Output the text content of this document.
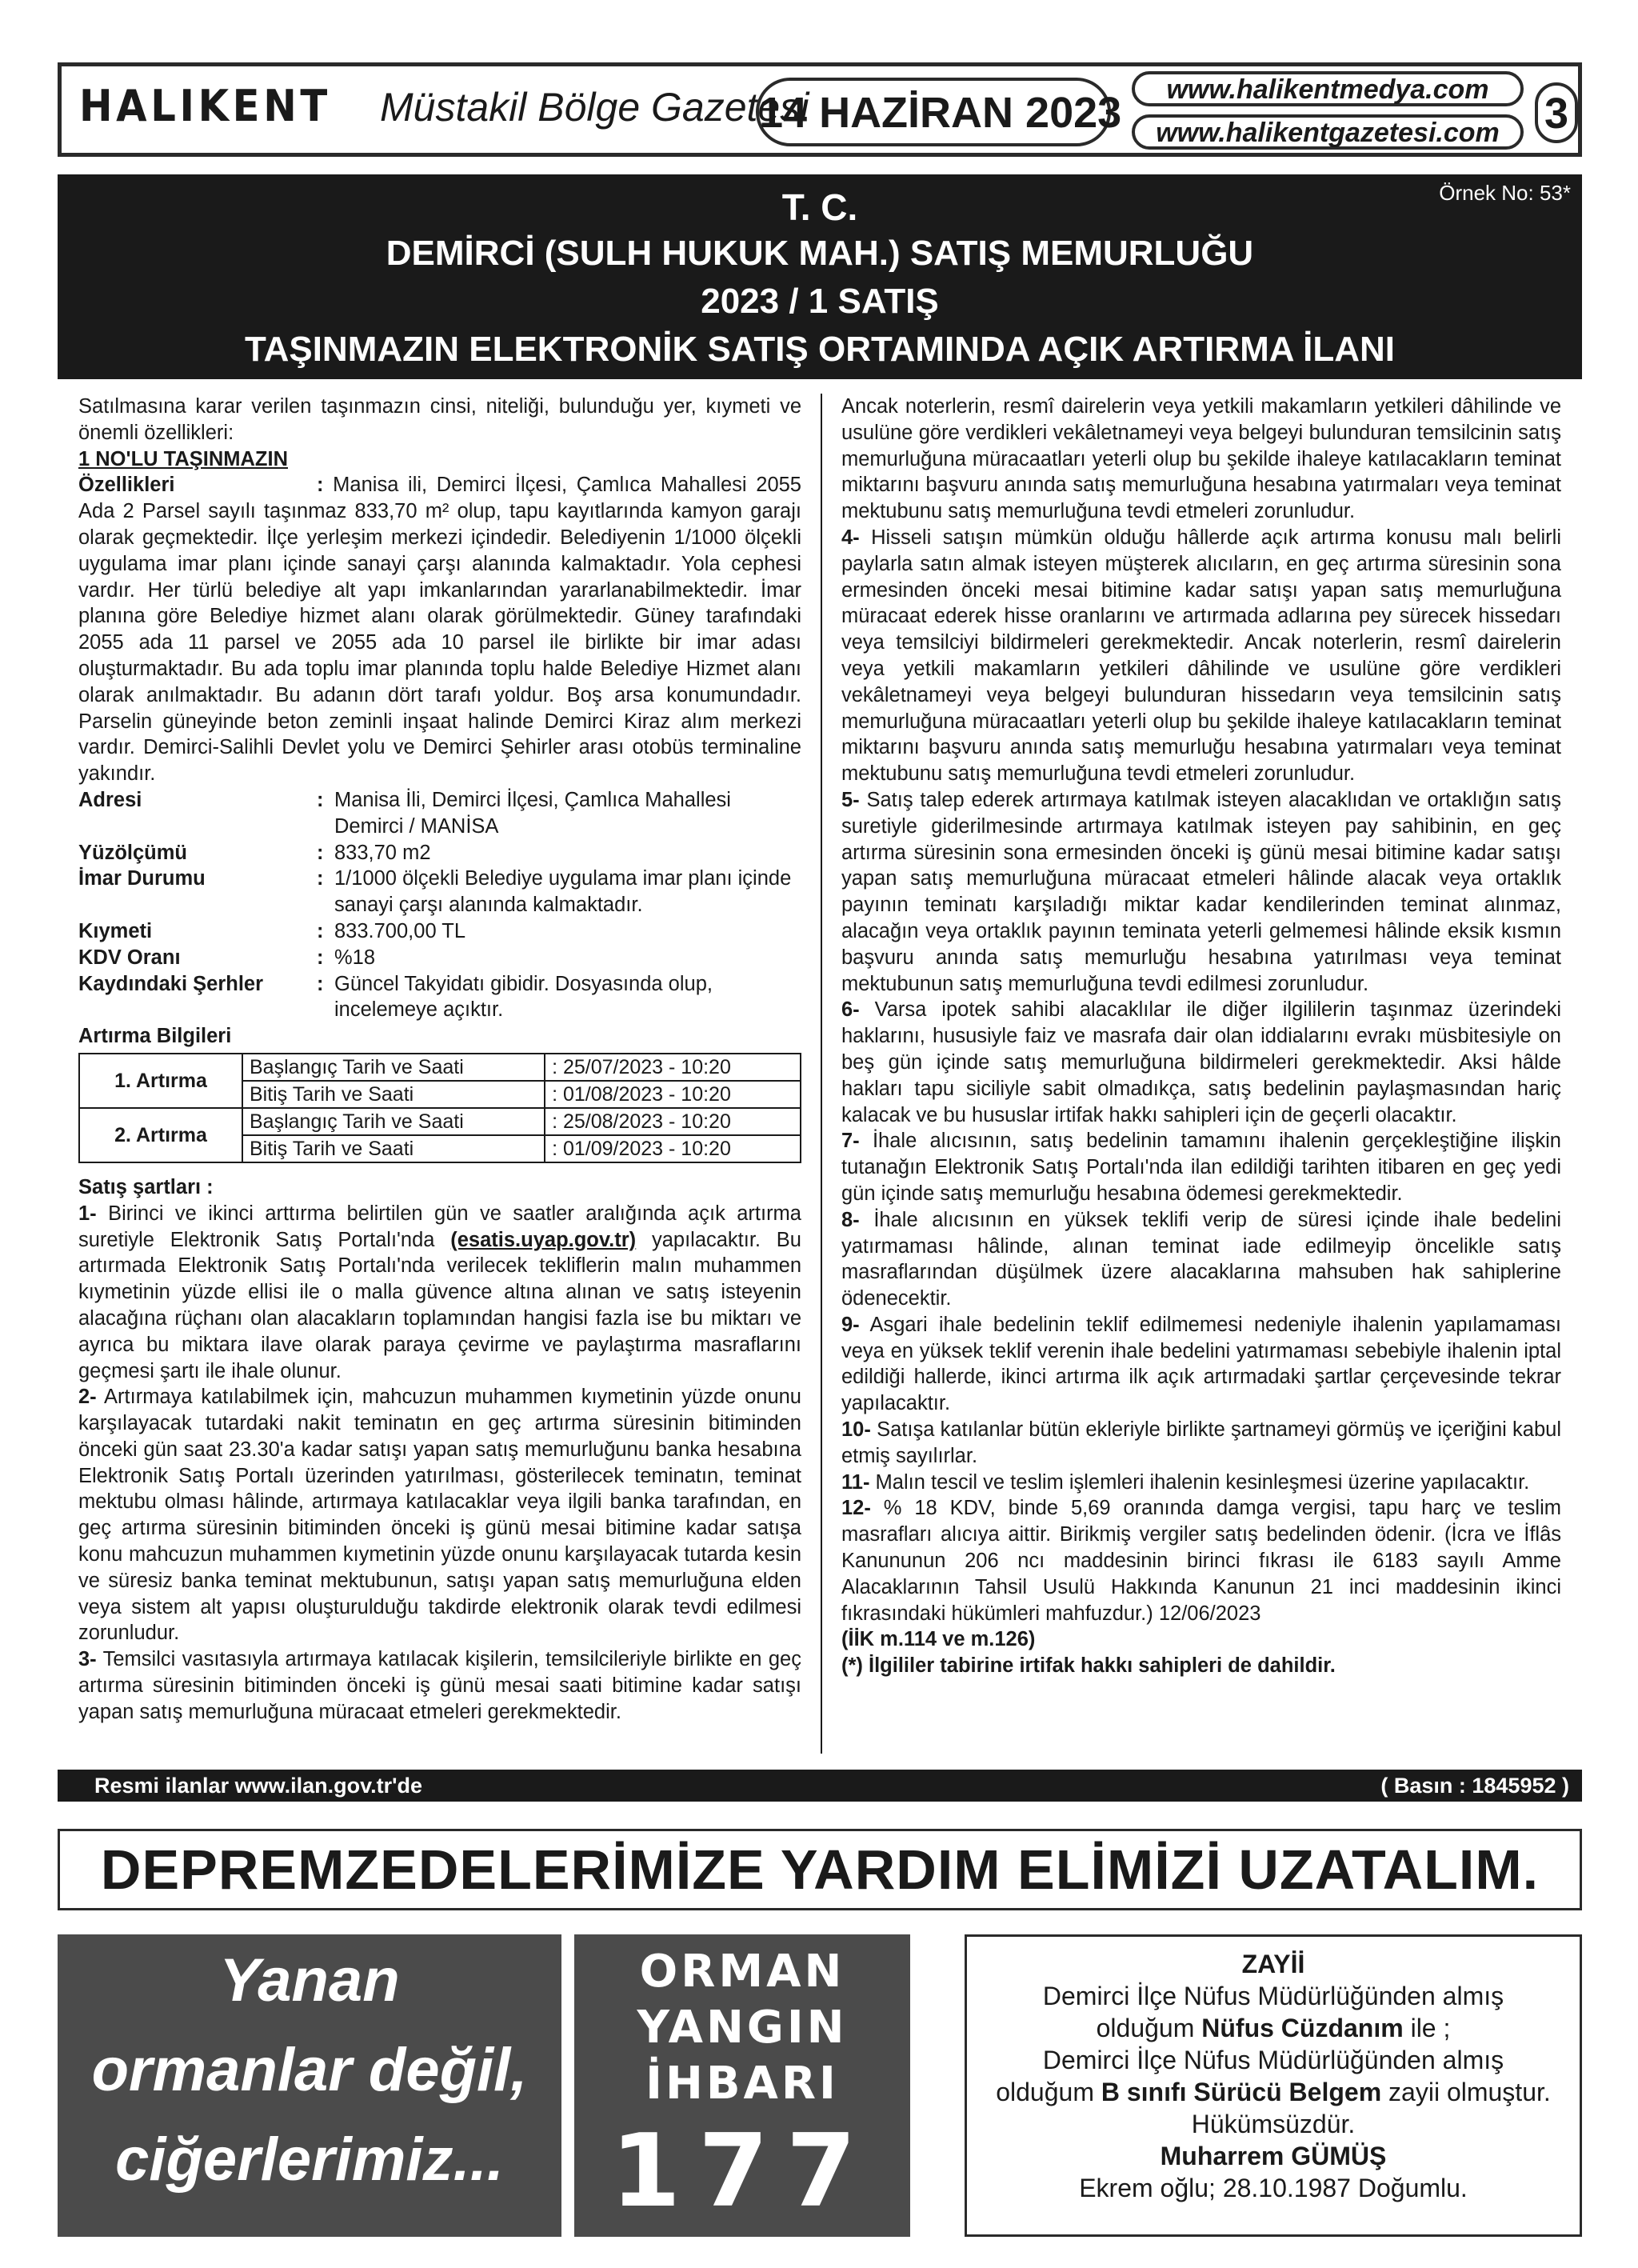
HALIKENT Müstakil Bölge Gazetesi
14 HAZİRAN 2023	www.halikentmedya.com
www.halikentgazetesi.com	3
T. C.
DEMİRCİ (SULH HUKUK MAH.) SATIŞ MEMURLUĞU
2023 / 1 SATIŞ
TAŞINMAZIN ELEKTRONİK SATIŞ ORTAMINDA AÇIK ARTIRMA İLANI
Örnek No: 53*

Satılmasına karar verilen taşınmazın cinsi, niteliği, bulunduğu yer, kıymeti ve önemli özellikleri:

1 NO'LU TAŞINMAZIN

Özellikleri	: Manisa ili, Demirci İlçesi, Çamlıca Mahallesi 2055 Ada 2 Parsel sayılı taşınmaz 833,70 m² olup, tapu kayıtlarında kamyon garajı olarak geçmektedir. İlçe yerleşim merkezi içindedir. Belediyenin 1/1000 ölçekli uygulama imar planı içinde sanayi çarşı alanında kalmaktadır. Yola cephesi vardır. Her türlü belediye alt yapı imkanlarından yararlanabilmektedir. İmar planına göre Belediye hizmet alanı olarak görülmektedir. Güney tarafındaki 2055 ada 11 parsel ve 2055 ada 10 parsel ile birlikte bir imar adası oluşturmaktadır. Bu ada toplu imar planında toplu halde Belediye Hizmet alanı olarak anılmaktadır. Bu adanın dört tarafı yoldur. Boş arsa konumundadır. Parselin güneyinde beton zeminli inşaat halinde Demirci Kiraz alım merkezi vardır. Demirci-Salihli Devlet yolu ve Demirci Şehirler arası otobüs terminaline yakındır.

Adresi	: Manisa İli, Demirci İlçesi, Çamlıca Mahallesi Demirci / MANİSA
Yüzölçümü	: 833,70 m2
İmar Durumu	: 1/1000 ölçekli Belediye uygulama imar planı içinde sanayi çarşı alanında kalmaktadır.
Kıymeti	: 833.700,00 TL
KDV Oranı	: %18
Kaydındaki Şerhler	: Güncel Takyidatı gibidir. Dosyasında olup, incelemeye açıktır.

Artırma Bilgileri

1. Artırma	Başlangıç Tarih ve Saati	: 25/07/2023 - 10:20
	Bitiş Tarih ve Saati	: 01/08/2023 - 10:20
2. Artırma	Başlangıç Tarih ve Saati	: 25/08/2023 - 10:20
	Bitiş Tarih ve Saati	: 01/09/2023 - 10:20

Satış şartları :

1- Birinci ve ikinci arttırma belirtilen gün ve saatler aralığında açık artırma suretiyle Elektronik Satış Portalı'nda (esatis.uyap.gov.tr) yapılacaktır. Bu artırmada Elektronik Satış Portalı'nda verilecek tekliflerin malın muhammen kıymetinin yüzde ellisi ile o malla güvence altına alınan ve satış isteyenin alacağına rüçhanı olan alacakların toplamından hangisi fazla ise bu miktarı ve ayrıca bu miktara ilave olarak paraya çevirme ve paylaştırma masraflarını geçmesi şartı ile ihale olunur.

2- Artırmaya katılabilmek için, mahcuzun muhammen kıymetinin yüzde onunu karşılayacak tutardaki nakit teminatın en geç artırma süresinin bitiminden önceki gün saat 23.30'a kadar satışı yapan satış memurluğunu banka hesabına Elektronik Satış Portalı üzerinden yatırılması, gösterilecek teminatın, teminat mektubu olması hâlinde, artırmaya katılacaklar veya ilgili banka tarafından, en geç artırma süresinin bitiminden önceki iş günü mesai bitimine kadar satışa konu mahcuzun muhammen kıymetinin yüzde onunu karşılayacak tutarda kesin ve süresiz banka teminat mektubunun, satışı yapan satış memurluğuna elden veya sistem alt yapısı oluşturulduğu takdirde elektronik olarak tevdi edilmesi zorunludur.

3- Temsilci vasıtasıyla artırmaya katılacak kişilerin, temsilcileriyle birlikte en geç artırma süresinin bitiminden önceki iş günü mesai saati bitimine kadar satışı yapan satış memurluğuna müracaat etmeleri gerekmektedir.

Ancak noterlerin, resmî dairelerin veya yetkili makamların yetkileri dâhilinde ve usulüne göre verdikleri vekâletnameyi veya belgeyi bulunduran temsilcinin satış memurluğuna müracaatları yeterli olup bu şekilde ihaleye katılacakların teminat miktarını başvuru anında satış memurluğuna hesabına yatırmaları veya teminat mektubunu satış memurluğuna tevdi etmeleri zorunludur.

4- Hisseli satışın mümkün olduğu hâllerde açık artırma konusu malı belirli paylarla satın almak isteyen müşterek alıcıların, en geç artırma süresinin sona ermesinden önceki mesai bitimine kadar satışı yapan satış memurluğuna müracaat ederek hisse oranlarını ve artırmada adlarına pey sürecek hissedarı veya temsilciyi bildirmeleri gerekmektedir. Ancak noterlerin, resmî dairelerin veya yetkili makamların yetkileri dâhilinde ve usulüne göre verdikleri vekâletnameyi veya belgeyi bulunduran hissedarın veya temsilcinin satış memurluğuna müracaatları yeterli olup bu şekilde ihaleye katılacakların teminat miktarını başvuru anında satış memurluğu hesabına yatırmaları veya teminat mektubunu satış memurluğuna tevdi etmeleri zorunludur.

5- Satış talep ederek artırmaya katılmak isteyen alacaklıdan ve ortaklığın satış suretiyle giderilmesinde artırmaya katılmak isteyen pay sahibinin, en geç artırma süresinin sona ermesinden önceki iş günü mesai bitimine kadar satışı yapan satış memurluğuna müracaat etmeleri hâlinde alacak veya ortaklık payının teminatı karşıladığı miktar kadar kendilerinden teminat alınmaz, alacağın veya ortaklık payının teminata yeterli gelmemesi hâlinde eksik kısmın başvuru anında satış memurluğu hesabına yatırılması veya teminat mektubunun satış memurluğuna tevdi edilmesi zorunludur.

6- Varsa ipotek sahibi alacaklılar ile diğer ilgililerin taşınmaz üzerindeki haklarını, hususiyle faiz ve masrafa dair olan iddialarını evrakı müsbitesiyle on beş gün içinde satış memurluğuna bildirmeleri gerekmektedir. Aksi hâlde hakları tapu siciliyle sabit olmadıkça, satış bedelinin paylaşmasından hariç kalacak ve bu hususlar irtifak hakkı sahipleri için de geçerli olacaktır.

7- İhale alıcısının, satış bedelinin tamamını ihalenin gerçekleştiğine ilişkin tutanağın Elektronik Satış Portalı'nda ilan edildiği tarihten itibaren en geç yedi gün içinde satış memurluğu hesabına ödemesi gerekmektedir.

8- İhale alıcısının en yüksek teklifi verip de süresi içinde ihale bedelini yatırmaması hâlinde, alınan teminat iade edilmeyip öncelikle satış masraflarından düşülmek üzere alacaklarına mahsuben hak sahiplerine ödenecektir.

9- Asgari ihale bedelinin teklif edilmemesi nedeniyle ihalenin yapılamaması veya en yüksek teklif verenin ihale bedelini yatırmaması sebebiyle ihalenin iptal edildiği hallerde, ikinci artırma ilk açık artırmadaki şartlar çerçevesinde tekrar yapılacaktır.

10- Satışa katılanlar bütün ekleriyle birlikte şartnameyi görmüş ve içeriğini kabul etmiş sayılırlar.

11- Malın tescil ve teslim işlemleri ihalenin kesinleşmesi üzerine yapılacaktır.

12- % 18 KDV, binde 5,69 oranında damga vergisi, tapu harç ve teslim masrafları alıcıya aittir. Birikmiş vergiler satış bedelinden ödenir. (İcra ve İflâs Kanununun 206 ncı maddesinin birinci fıkrası ile 6183 sayılı Amme Alacaklarının Tahsil Usulü Hakkında Kanunun 21 inci maddesinin ikinci fıkrasındaki hükümleri mahfuzdur.) 12/06/2023

(İİK m.114 ve m.126)

(*) İlgililer tabirine irtifak hakkı sahipleri de dahildir.

Resmi ilanlar www.ilan.gov.tr'de	( Basın : 1845952 )
DEPREMZEDELERİMİZE YARDIM ELİMİZİ UZATALIM.
Yanan
ormanlar değil,
ciğerlerimiz...
ORMAN
YANGIN
İHBARI
177
ZAYİİ
Demirci İlçe Nüfus Müdürlüğünden almış
olduğum Nüfus Cüzdanım ile ;
Demirci İlçe Nüfus Müdürlüğünden almış
olduğum B sınıfı Sürücü Belgem zayii olmuştur.
Hükümsüzdür.
Muharrem GÜMÜŞ
Ekrem oğlu; 28.10.1987 Doğumlu.
